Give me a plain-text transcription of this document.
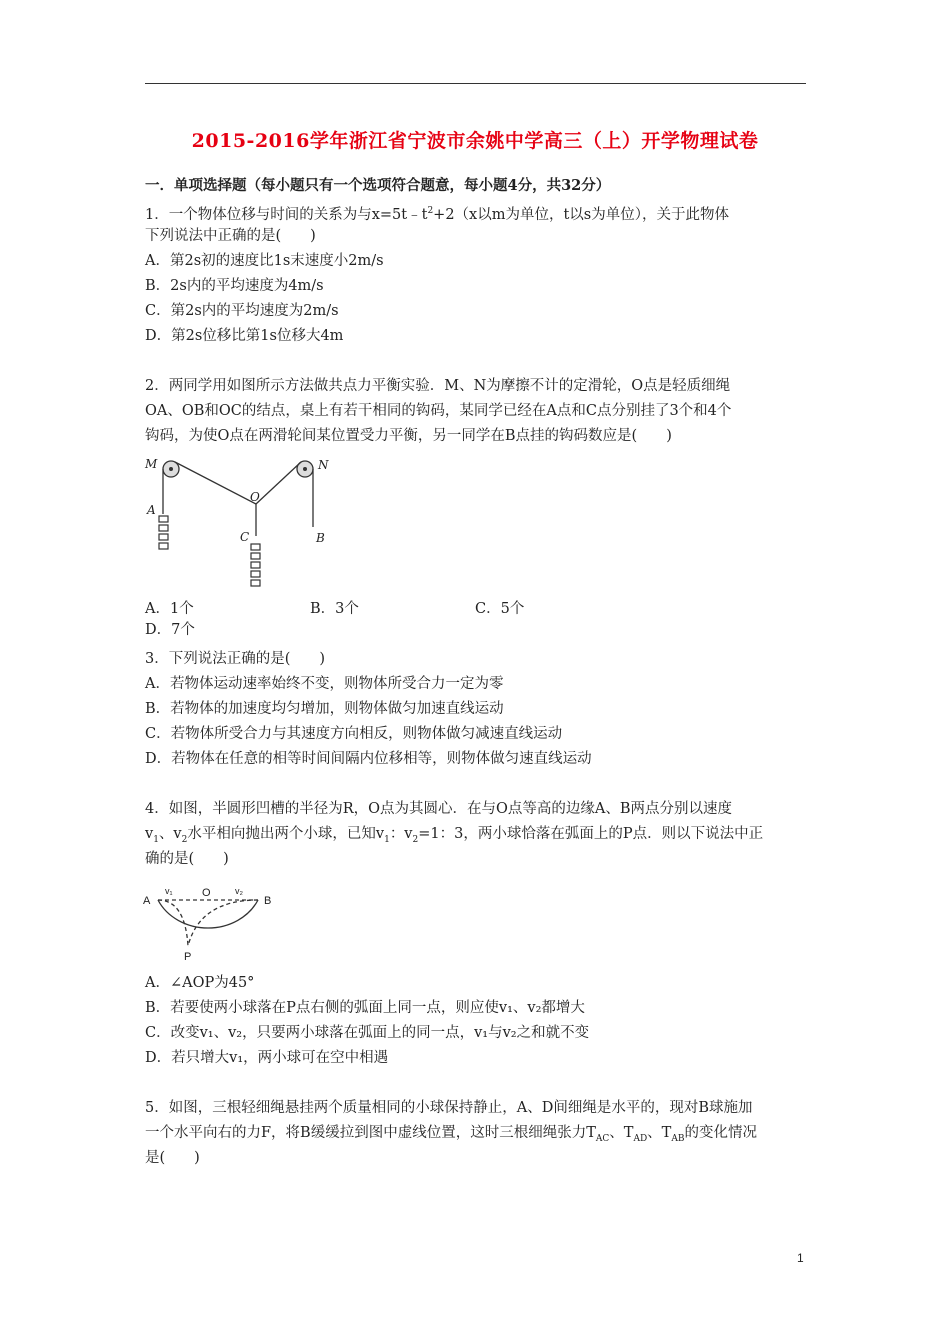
2015-2016学年浙江省宁波市余姚中学高三（上）开学物理试卷
一．单项选择题（每小题只有一个选项符合题意，每小题4分，共32分）
1．一个物体位移与时间的关系为与$x=5t﹣t^2+2(x$以m为单位，t以s为单位），关于此物体
下列说法中正确的是(　　)
A．第2s初的速度比1s末速度小2m/s
B．2s内的平均速度为4m/s
C．第2s内的平均速度为2m/s
D．第2s位移比第1s位移大4m
2．两同学用如图所示方法做共点力平衡实验．M、N为摩擦不计的定滑轮，O点是轻质细绳
OA、OB和OC的结点，桌上有若干相同的钩码，某同学已经在A点和C点分别挂了3个和4个
钩码，为使O点在两滑轮间某位置受力平衡，另一同学在B点挂的钩码数应是(　　)
M	N
O
A
C	B
A．1个	B．3个	C．5个D．7个
3．下列说法正确的是(　　)
A．若物体运动速率始终不变，则物体所受合力一定为零
B．若物体的加速度均匀增加，则物体做匀加速直线运动
C．若物体所受合力与其速度方向相反，则物体做匀减速直线运动
D．若物体在任意的相等时间间隔内位移相等，则物体做匀速直线运动
4．如图，半圆形凹槽的半径为R，O点为其圆心．在与O点等高的边缘A、B两点分别以速度
$v_1$、$v_2$水平相向抛出两个小球，已知$v_1$：$v_2=1$：3，两小球恰落在弧面上的P点．则以下说法中正
确的是(　　)
A
O
B
P
v₁	v₂
A．∠AOP为45°
B．若要使两小球落在P点右侧的弧面上同一点，则应使v₁、v₂都增大
C．改变v₁、v₂，只要两小球落在弧面上的同一点，v₁与v₂之和就不变
D．若只增大v₁，两小球可在空中相遇
5．如图，三根轻细绳悬挂两个质量相同的小球保持静止，A、D间细绳是水平的，现对B球施加
一个水平向右的力F，将B缓缓拉到图中虚线位置，这时三根细绳张力$T_{AC}$、$T_{AD}$、$T_{AB}$的变化情况
是(　　)
1
